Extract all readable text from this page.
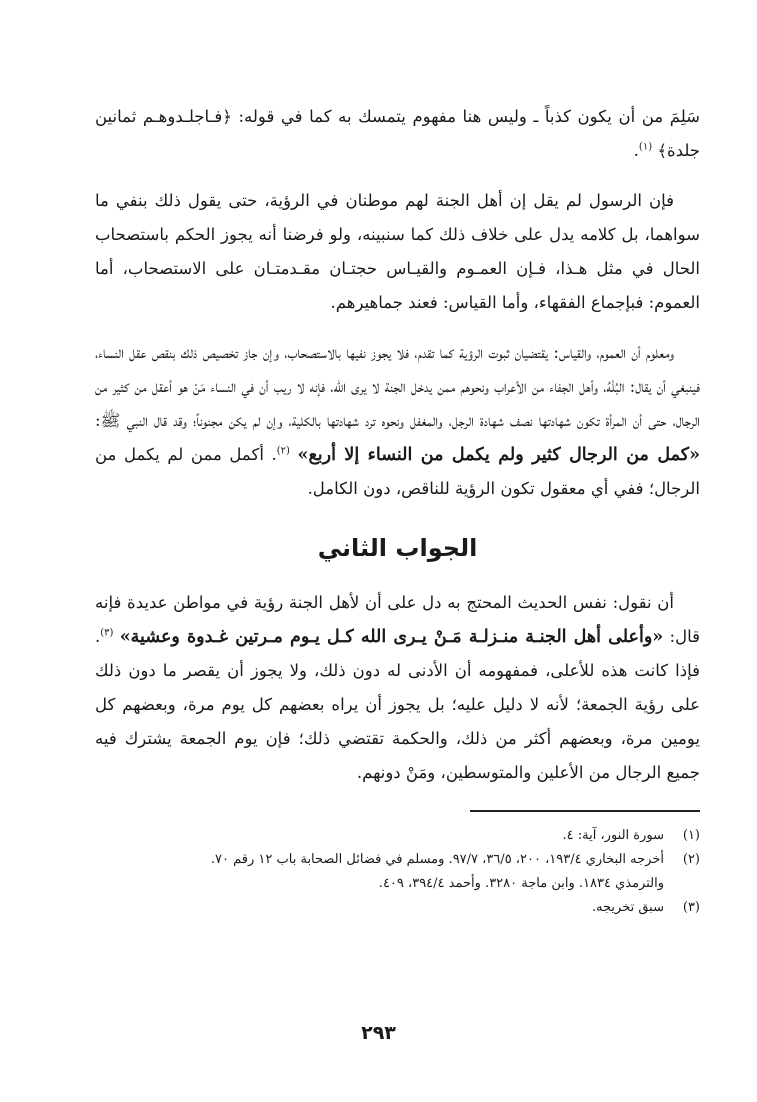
سَلِمَ من أن يكون كذباً ـ وليس هنا مفهوم يتمسك به كما في قوله: ﴿فـاجلـدوهـم ثمانين جلدة﴾ $^{(١)}$.

فإن الرسول لم يقل إن أهل الجنة لهم موطنان في الرؤية، حتى يقول ذلك بنفي ما سواهما، بل كلامه يدل على خلاف ذلك كما سنبينه، ولو فرضنا أنه يجوز الحكم باستصحاب الحال في مثل هـذا، فـإن العمـوم والقيـاس حجتـان مقـدمتـان على الاستصحاب، أما العموم: فبإجماع الفقهاء، وأما القياس: فعند جماهيرهم.

ومعلوم أن العموم، والقياس: يقتضيان ثبوت الرؤية كما تقدم، فلا يجوز نفيها بالاستصحاب، وإن جاز تخصيص ذلك بنقص عقل النساء، فينبغي أن يقال: البُلْهُ، وأهل الجفاء من الأعراب ونحوهم ممن يدخل الجنة لا يرى الله، فإنه لا ريب أن في النساء مَنْ هو أعقل من كثير من الرجال، حتى أن المرأة تكون شهادتها نصف شهادة الرجل، والمغفل ونحوه ترد شهادتها بالكلية، وإن لم يكن مجنوناً؛ وقد قال النبي ﷺ: «كمل من الرجال كثير ولم يكمل من النساء إلا أربع» $^{(٢)}$. أكمل ممن لم يكمل من الرجال؛ ففي أي معقول تكون الرؤية للناقص، دون الكامل.

الجواب الثاني

أن نقول: نفس الحديث المحتج به دل على أن لأهل الجنة رؤية في مواطن عديدة فإنه قال: «وأعلى أهل الجنـة منـزلـة مَـنْ يـرى الله كـل يـوم مـرتين غـدوة وعشية» $^{(٣)}$. فإذا كانت هذه للأعلى، فمفهومه أن الأدنى له دون ذلك، ولا يجوز أن يقصر ما دون ذلك على رؤية الجمعة؛ لأنه لا دليل عليه؛ بل يجوز أن يراه بعضهم كل يوم مرة، وبعضهم كل يومين مرة، وبعضهم أكثر من ذلك، والحكمة تقتضي ذلك؛ فإن يوم الجمعة يشترك فيه جميع الرجال من الأعلين والمتوسطين، ومَنْ دونهم.

(١)
سورة النور، آية: ٤.
(٢)
أخرجه البخاري ١٩٣/٤، ٢٠٠، ٣٦/٥، ٩٧/٧. ومسلم في فضائل الصحابة باب ١٢ رقم ٧٠.
والترمذي ١٨٣٤. وابن ماجة ٣٢٨٠. وأحمد ٣٩٤/٤، ٤٠٩.
(٣)
سبق تخريجه.
٢٩٣
